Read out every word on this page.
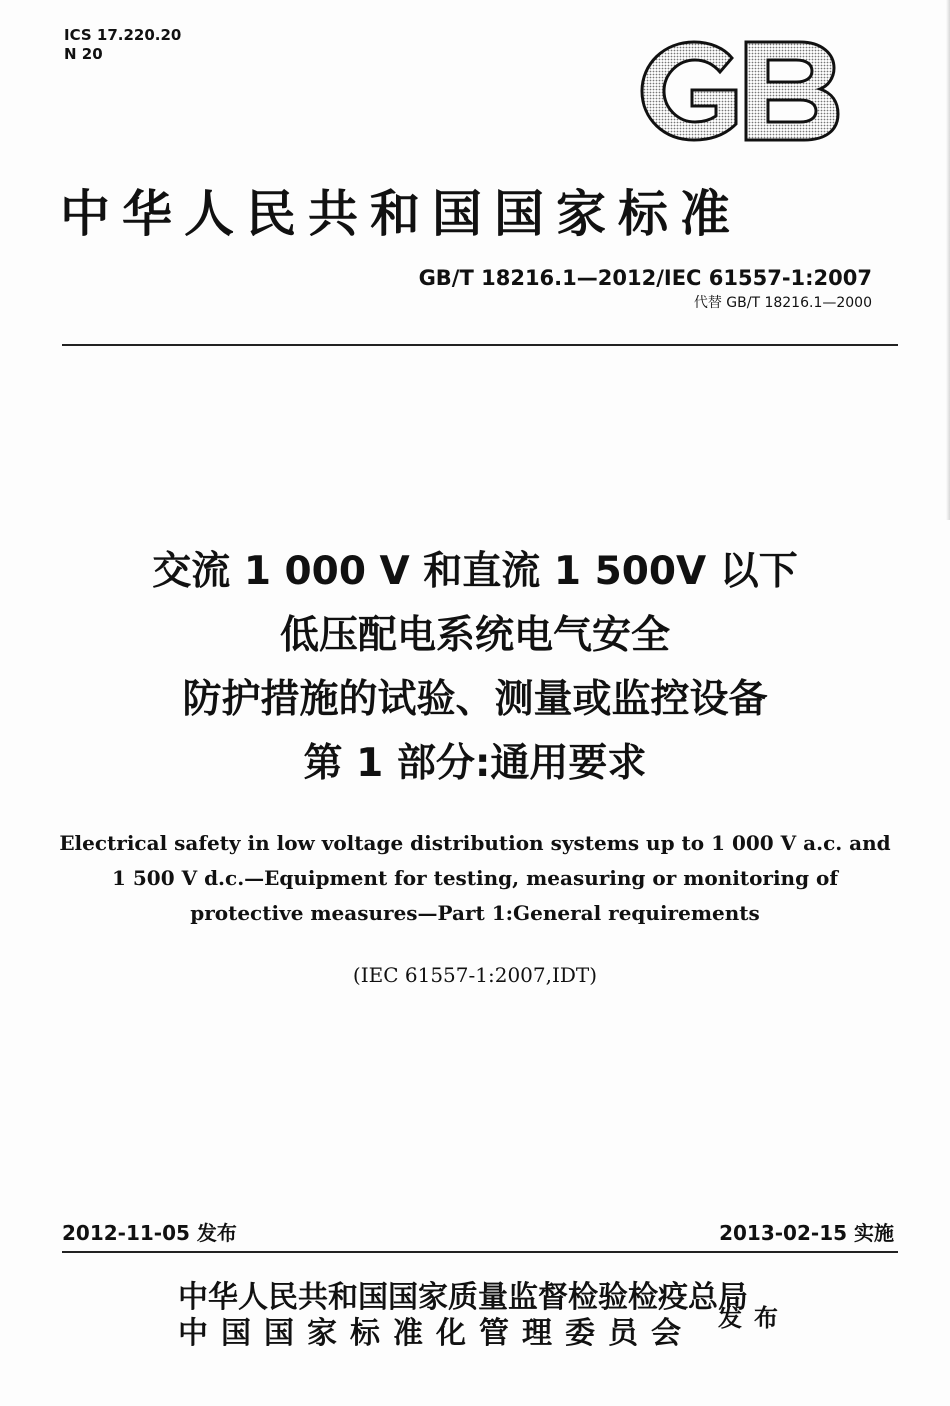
ICS 17.220.20
N 20
中华人民共和国国家标准
GB/T 18216.1—2012/IEC 61557-1:2007
代替 GB/T 18216.1—2000
交流 1 000 V 和直流 1 500V 以下
低压配电系统电气安全
防护措施的试验、测量或监控设备
第 1 部分:通用要求
Electrical safety in low voltage distribution systems up to 1 000 V a.c. and
1 500 V d.c.—Equipment for testing, measuring or monitoring of
protective measures—Part 1:General requirements
(IEC 61557-1:2007,IDT)
2012-11-05 发布	2013-02-15 实施
中华人民共和国国家质量监督检验检疫总局
中国国家标准化管理委员会	发布
